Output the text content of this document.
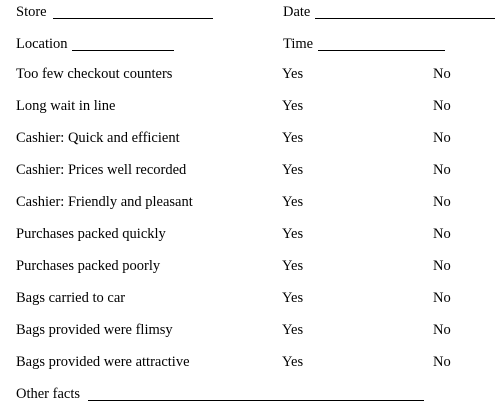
Store	Date
Location	Time
Too few checkout counters	Yes	No
Long wait in line	Yes	No
Cashier: Quick and efficient	Yes	No
Cashier: Prices well recorded	Yes	No
Cashier: Friendly and pleasant	Yes	No
Purchases packed quickly	Yes	No
Purchases packed poorly	Yes	No
Bags carried to car	Yes	No
Bags provided were flimsy	Yes	No
Bags provided were attractive	Yes	No
Other facts
